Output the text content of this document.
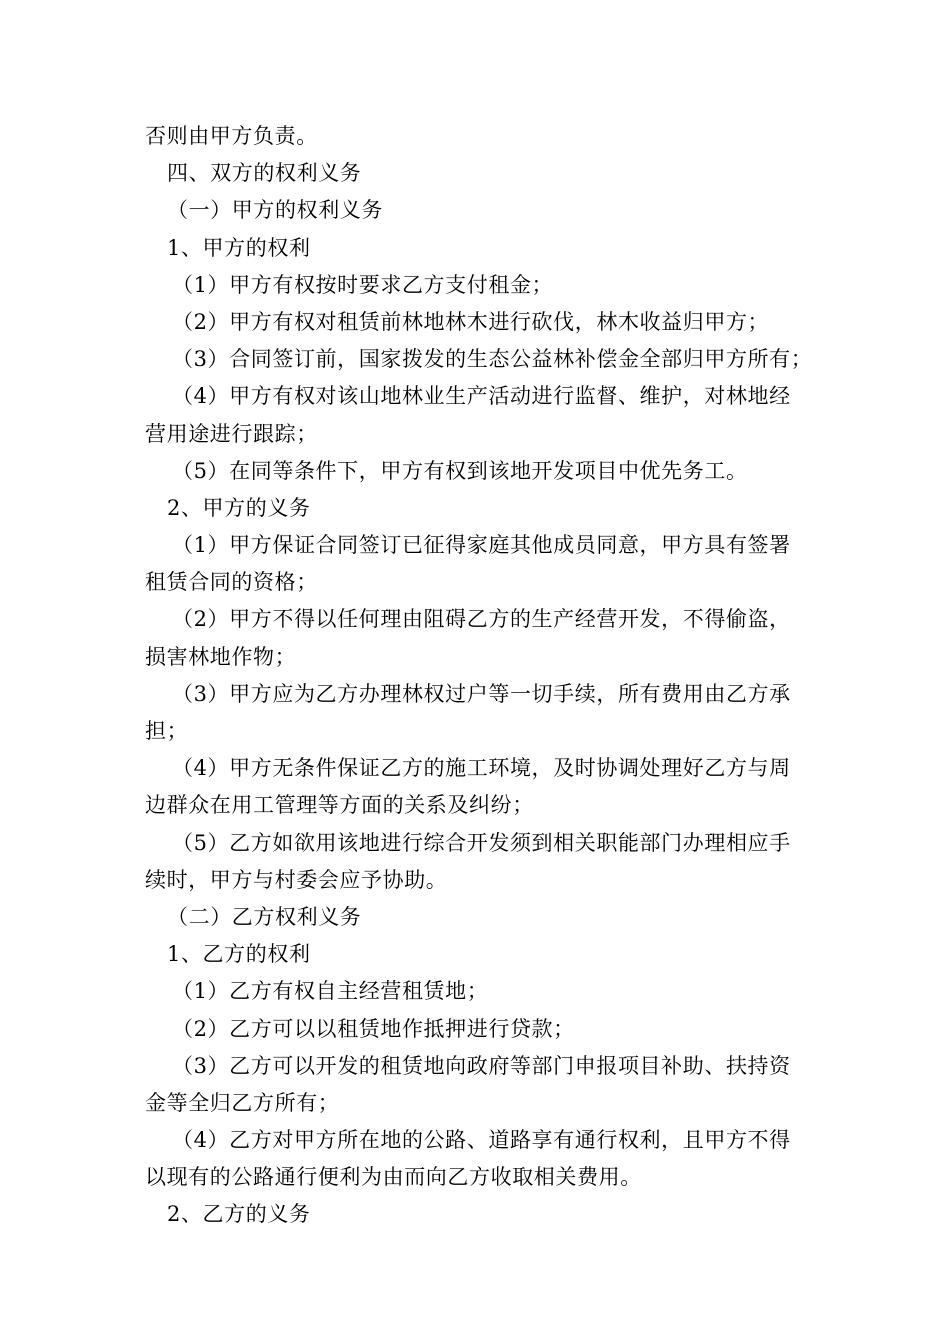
否则由甲方负责。
四、双方的权利义务
（一）甲方的权利义务
1、甲方的权利
（1）甲方有权按时要求乙方支付租金；
（2）甲方有权对租赁前林地林木进行砍伐，林木收益归甲方；
（3）合同签订前，国家拨发的生态公益林补偿金全部归甲方所有；
（4）甲方有权对该山地林业生产活动进行监督、维护，对林地经
营用途进行跟踪；
（5）在同等条件下，甲方有权到该地开发项目中优先务工。
2、甲方的义务
（1）甲方保证合同签订已征得家庭其他成员同意，甲方具有签署
租赁合同的资格；
（2）甲方不得以任何理由阻碍乙方的生产经营开发，不得偷盗，
损害林地作物；
（3）甲方应为乙方办理林权过户等一切手续，所有费用由乙方承
担；
（4）甲方无条件保证乙方的施工环境，及时协调处理好乙方与周
边群众在用工管理等方面的关系及纠纷；
（5）乙方如欲用该地进行综合开发须到相关职能部门办理相应手
续时，甲方与村委会应予协助。
（二）乙方权利义务
1、乙方的权利
（1）乙方有权自主经营租赁地；
（2）乙方可以以租赁地作抵押进行贷款；
（3）乙方可以开发的租赁地向政府等部门申报项目补助、扶持资
金等全归乙方所有；
（4）乙方对甲方所在地的公路、道路享有通行权利，且甲方不得
以现有的公路通行便利为由而向乙方收取相关费用。
2、乙方的义务
